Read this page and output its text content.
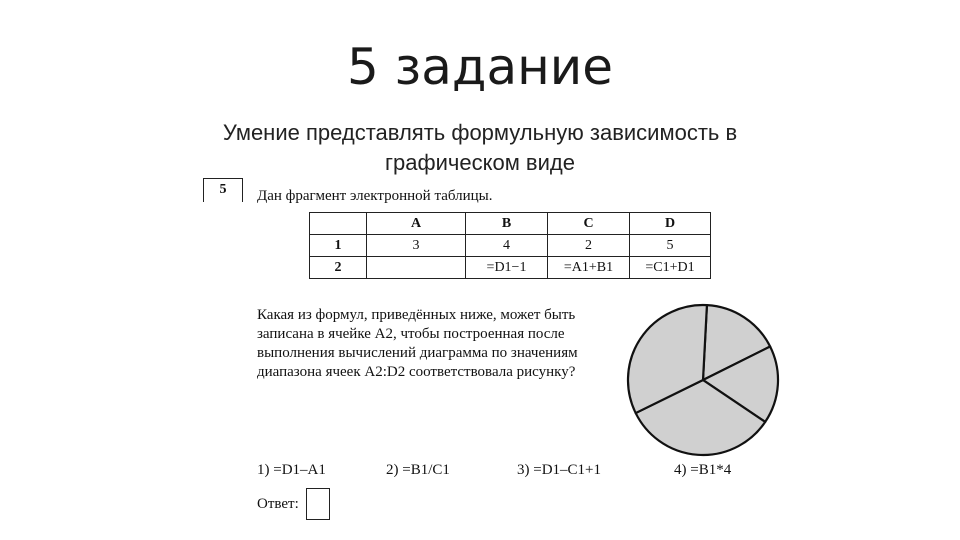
5 задание
Умение представлять формульную зависимость в
графическом виде
5	Дан фрагмент электронной таблицы.
	A	B	C	D
1	3	4	2	5
2		=D1−1	=A1+B1	=C1+D1
Какая из формул, приведённых ниже, может быть
записана в ячейке A2, чтобы построенная после
выполнения вычислений диаграмма по значениям
диапазона ячеек A2:D2 соответствовала рисунку?
1) =D1–A1	2) =B1/C1	3) =D1–C1+1	4) =B1*4
Ответ:
